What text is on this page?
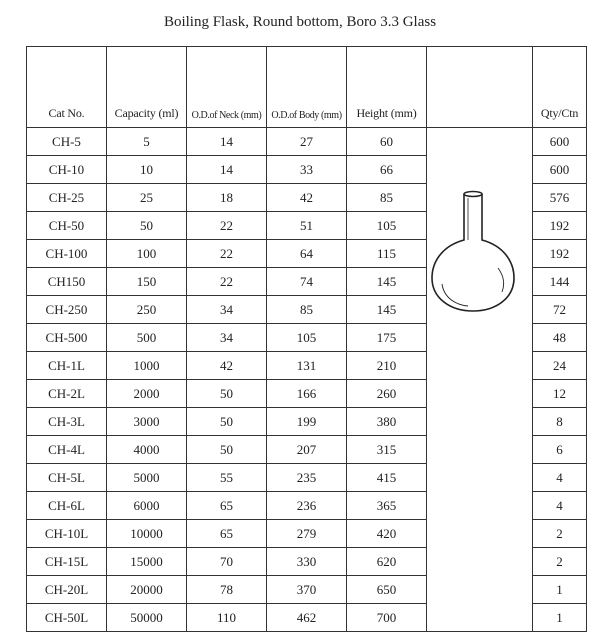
Boiling Flask, Round bottom, Boro 3.3 Glass
Cat No.	Capacity (ml)	O.D.of Neck (mm)	O.D.of Body (mm)	Height (mm)		Qty/Ctn
CH-5	5	14	27	60		600
CH-10	10	14	33	66		600
CH-25	25	18	42	85		576
CH-50	50	22	51	105		192
CH-100	100	22	64	115		192
CH150	150	22	74	145		144
CH-250	250	34	85	145		72
CH-500	500	34	105	175		48
CH-1L	1000	42	131	210		24
CH-2L	2000	50	166	260		12
CH-3L	3000	50	199	380		8
CH-4L	4000	50	207	315		6
CH-5L	5000	55	235	415		4
CH-6L	6000	65	236	365		4
CH-10L	10000	65	279	420		2
CH-15L	15000	70	330	620		2
CH-20L	20000	78	370	650		1
CH-50L	50000	110	462	700		1
